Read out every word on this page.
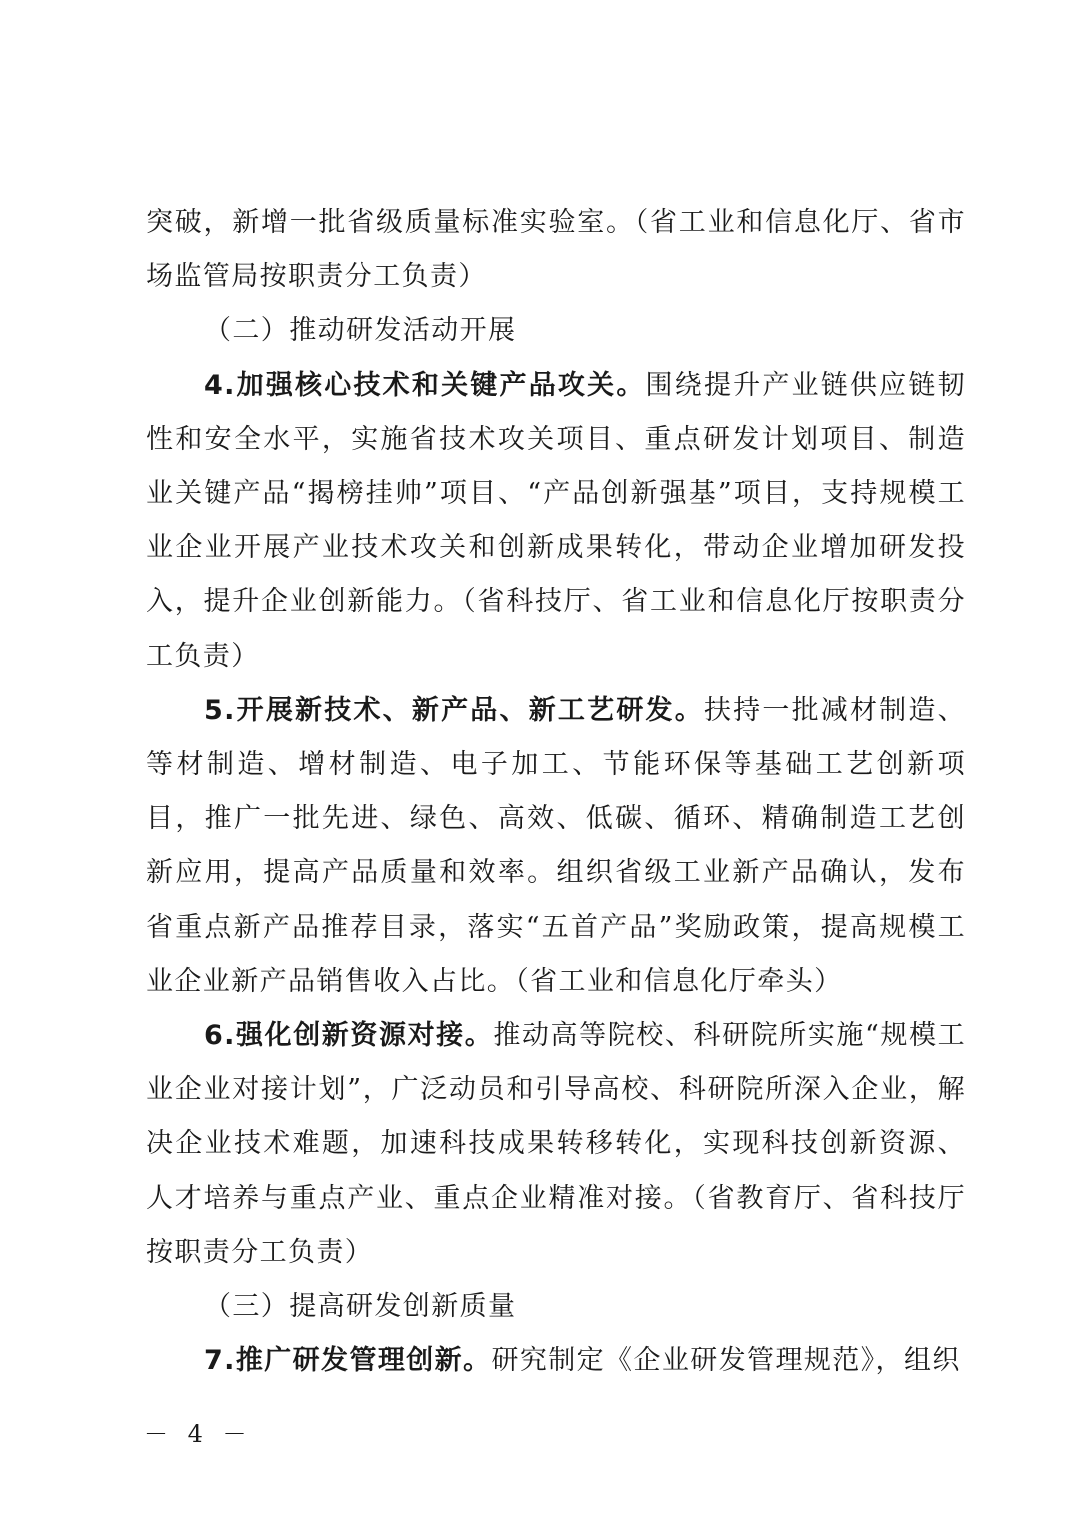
突破，新增一批省级质量标准实验室。（省工业和信息化厅、省市场监管局按职责分工负责）

（二）推动研发活动开展

4.加强核心技术和关键产品攻关。围绕提升产业链供应链韧性和安全水平，实施省技术攻关项目、重点研发计划项目、制造业关键产品“揭榜挂帅”项目、“产品创新强基”项目，支持规模工业企业开展产业技术攻关和创新成果转化，带动企业增加研发投入，提升企业创新能力。（省科技厅、省工业和信息化厅按职责分工负责）

5.开展新技术、新产品、新工艺研发。扶持一批减材制造、等材制造、增材制造、电子加工、节能环保等基础工艺创新项目，推广一批先进、绿色、高效、低碳、循环、精确制造工艺创新应用，提高产品质量和效率。组织省级工业新产品确认，发布省重点新产品推荐目录，落实“五首产品”奖励政策，提高规模工业企业新产品销售收入占比。（省工业和信息化厅牵头）

6.强化创新资源对接。推动高等院校、科研院所实施“规模工业企业对接计划”，广泛动员和引导高校、科研院所深入企业，解决企业技术难题，加速科技成果转移转化，实现科技创新资源、人才培养与重点产业、重点企业精准对接。（省教育厅、省科技厅按职责分工负责）

（三）提高研发创新质量

7.推广研发管理创新。研究制定《企业研发管理规范》，组织

－ 4 －
